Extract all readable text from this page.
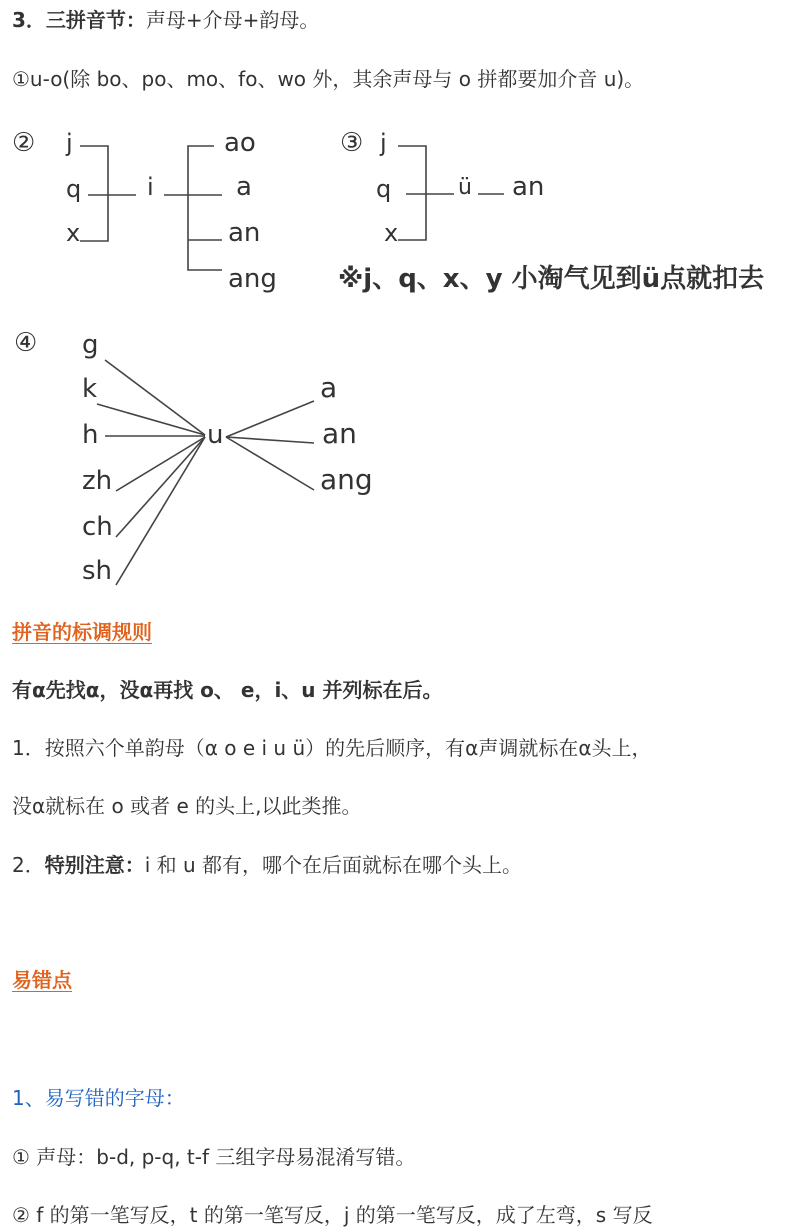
3．三拼音节：声母+介母+韵母。
①u-o(除 bo、po、mo、fo、wo 外，其余声母与 o 拼都要加介音 u)。
② j
q
x
i
ao
a
an
ang
③ j
q
x
ü an
※j、q、x、y 小淘气见到ü点就扣去
④ g
k
h
zh
ch
sh
u
a
an
ang
拼音的标调规则
有α先找α，没α再找 o、 e，i、u 并列标在后。
1．按照六个单韵母（α o e i u ü）的先后顺序，有α声调就标在α头上，
没α就标在 o 或者 e 的头上,以此类推。
2．特别注意：i 和 u 都有，哪个在后面就标在哪个头上。
易错点
1、易写错的字母：
① 声母：b-d, p-q, t-f 三组字母易混淆写错。
② f 的第一笔写反，t 的第一笔写反，j 的第一笔写反，成了左弯，s 写反
